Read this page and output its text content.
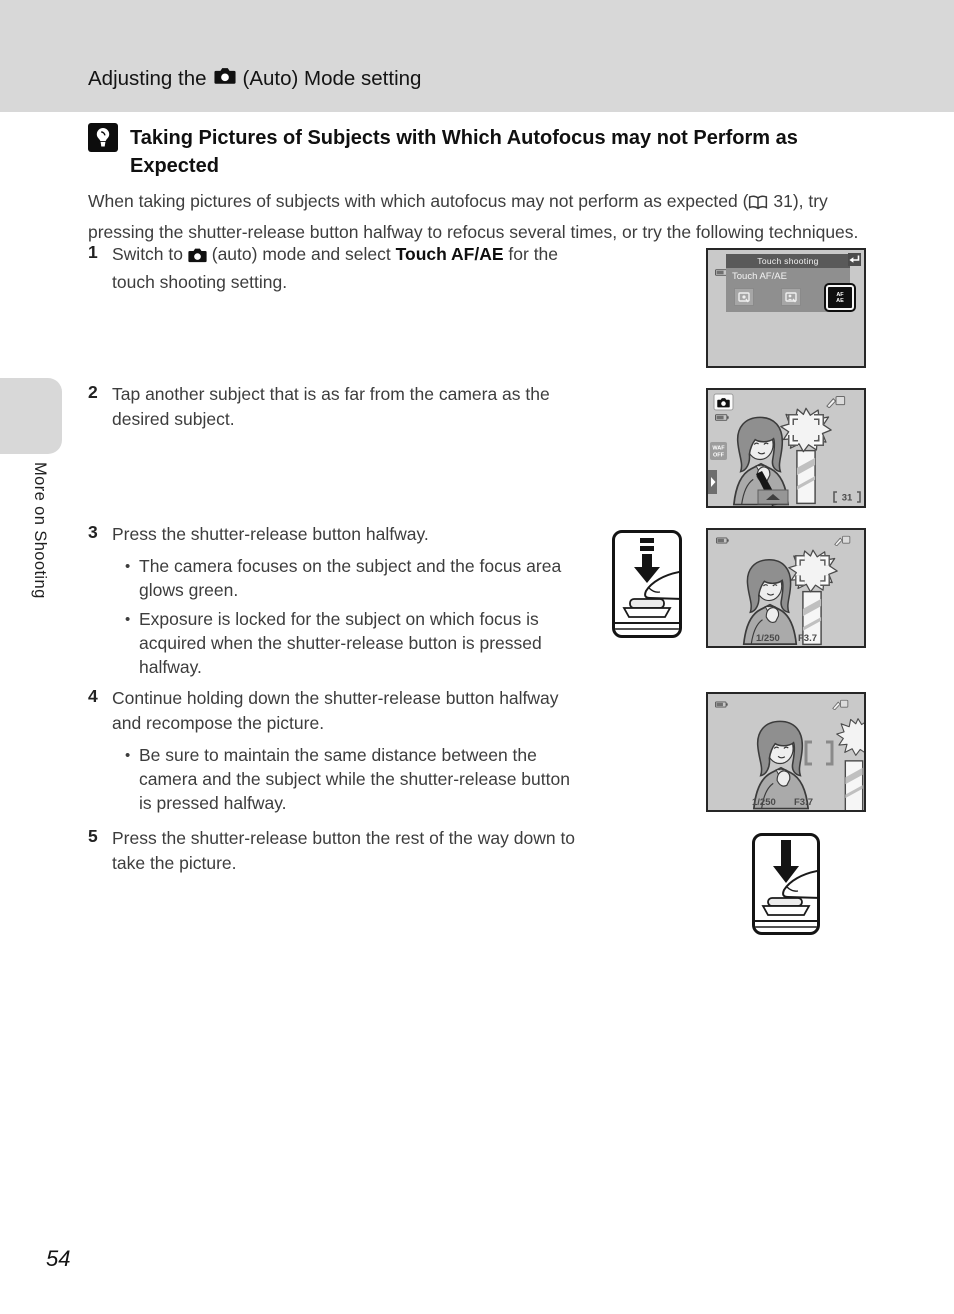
Adjusting the (Auto) Mode setting
Taking Pictures of Subjects with Which Autofocus may not Perform as Expected
When taking pictures of subjects with which autofocus may not perform as expected ( 31), try pressing the shutter-release button halfway to refocus several times, or try the following techniques.
1 Switch to (auto) mode and select Touch AF/AE for the touch shooting setting.
Touch shooting
Touch AF/AE
AF
AE
2 Tap another subject that is as far from the camera as the desired subject.
WAF
OFF
31
3 Press the shutter-release button halfway.
• The camera focuses on the subject and the focus area glows green.
• Exposure is locked for the subject on which focus is acquired when the shutter-release button is pressed halfway.
1/250 F3.7
4 Continue holding down the shutter-release button halfway and recompose the picture.
• Be sure to maintain the same distance between the camera and the subject while the shutter-release button is pressed halfway.	1/250 F3.7
5 Press the shutter-release button the rest of the way down to take the picture.
More on Shooting
54
